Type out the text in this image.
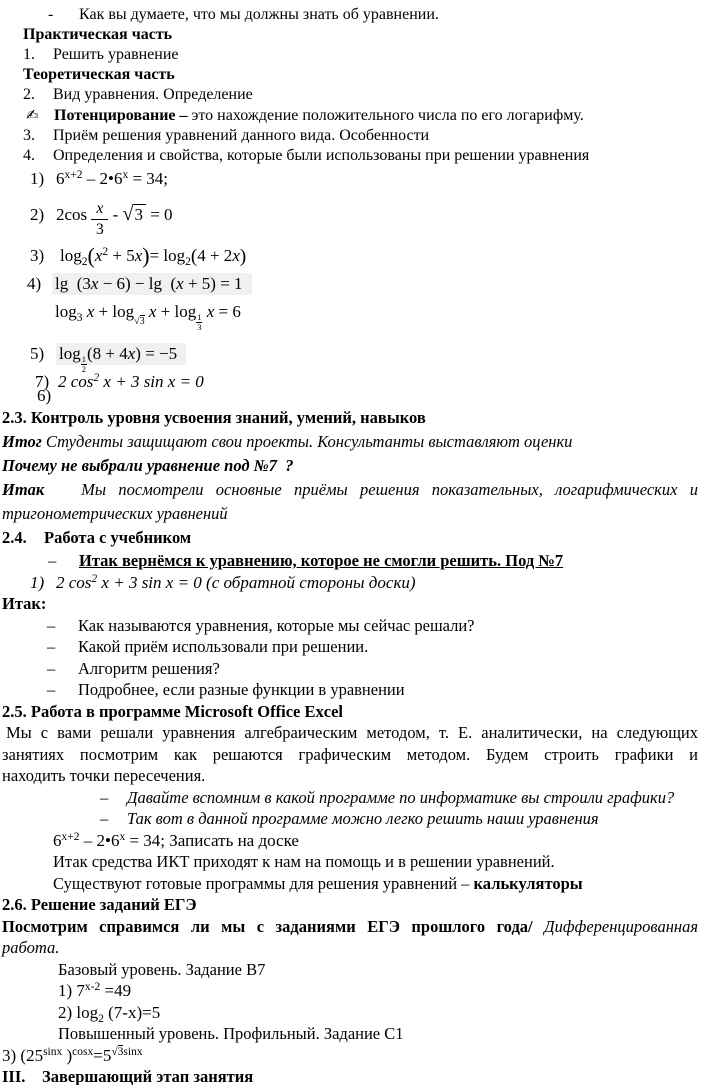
- Как вы думаете, что мы должны знать об уравнении.
Практическая часть
1. Решить уравнение
Теоретическая часть
2. Вид уравнения. Определение
✍ Потенцирование – это нахождение положительного числа по его логарифму.
3. Приём решения уравнений данного вида. Особенности
4. Определения и свойства, которые были использованы при решении уравнения
1) $6^{x+2}$ – $2•6^x = 34$;
2) $2\cos \frac{x}{3} - √3 = 0$
3) $\log_2(x^2 + 5x)= \log_2(4 + 2x)$
4) lg  (3x − 6) − lg  (x + 5) = 1
$\log_3 x + \log√3$ x + log
$\frac{1}{3}$
x = 6
5) log
$\frac{1}{2}$
(8 + 4x) = −5
7)
6)
2 $\cos^2 x + 3$ sin x = 0
2.3. Контроль уровня усвоения знаний, умений, навыков
Итог Студенты защищают свои проекты. Консультанты выставляют оценки
Почему не выбрали уравнение под №7  ?
Итак   Мы посмотрели основные приёмы решения показательных, логарифмических и
тригонометрических уравнений
2.4. Работа с учебником
– Итак вернёмся к уравнению, которое не смогли решить. Под №7
1) 2 $\cos^2 x + 3$ sin x = 0 (с обратной стороны доски)
Итак:
– Как называются уравнения, которые мы сейчас решали?
– Какой приём использовали при решении.
– Алгоритм решения?
– Подробнее, если разные функции в уравнении
2.5. Работа в программе Microsoft Office Excel
Мы с вами решали уравнения алгебраическим методом, т. Е. аналитически, на следующих
занятиях посмотрим как решаются графическим методом. Будем строить графики и
находить точки пересечения.
– Давайте вспомним в какой программе по информатике вы строили графики?
– Так вот в данной программе можно легко решить наши уравнения
$6^{x+2}$ – $2•6^x = 34$; Записать на доске
Итак средства ИКТ приходят к нам на помощь и в решении уравнений.
Существуют готовые программы для решения уравнений – калькуляторы
2.6. Решение заданий ЕГЭ
Посмотрим справимся ли мы с заданиями ЕГЭ прошлого года/ Дифференцированная
работа.
Базовый уровень. Задание В7
1) $7^{x-2} =49$
2) $\log_2 (7-x)=5$
Повышенный уровень. Профильный. Задание С1
3) ($25^{sinx}$ )$^{cosx}=5^{√3sinx}$
III. Завершающий этап занятия
